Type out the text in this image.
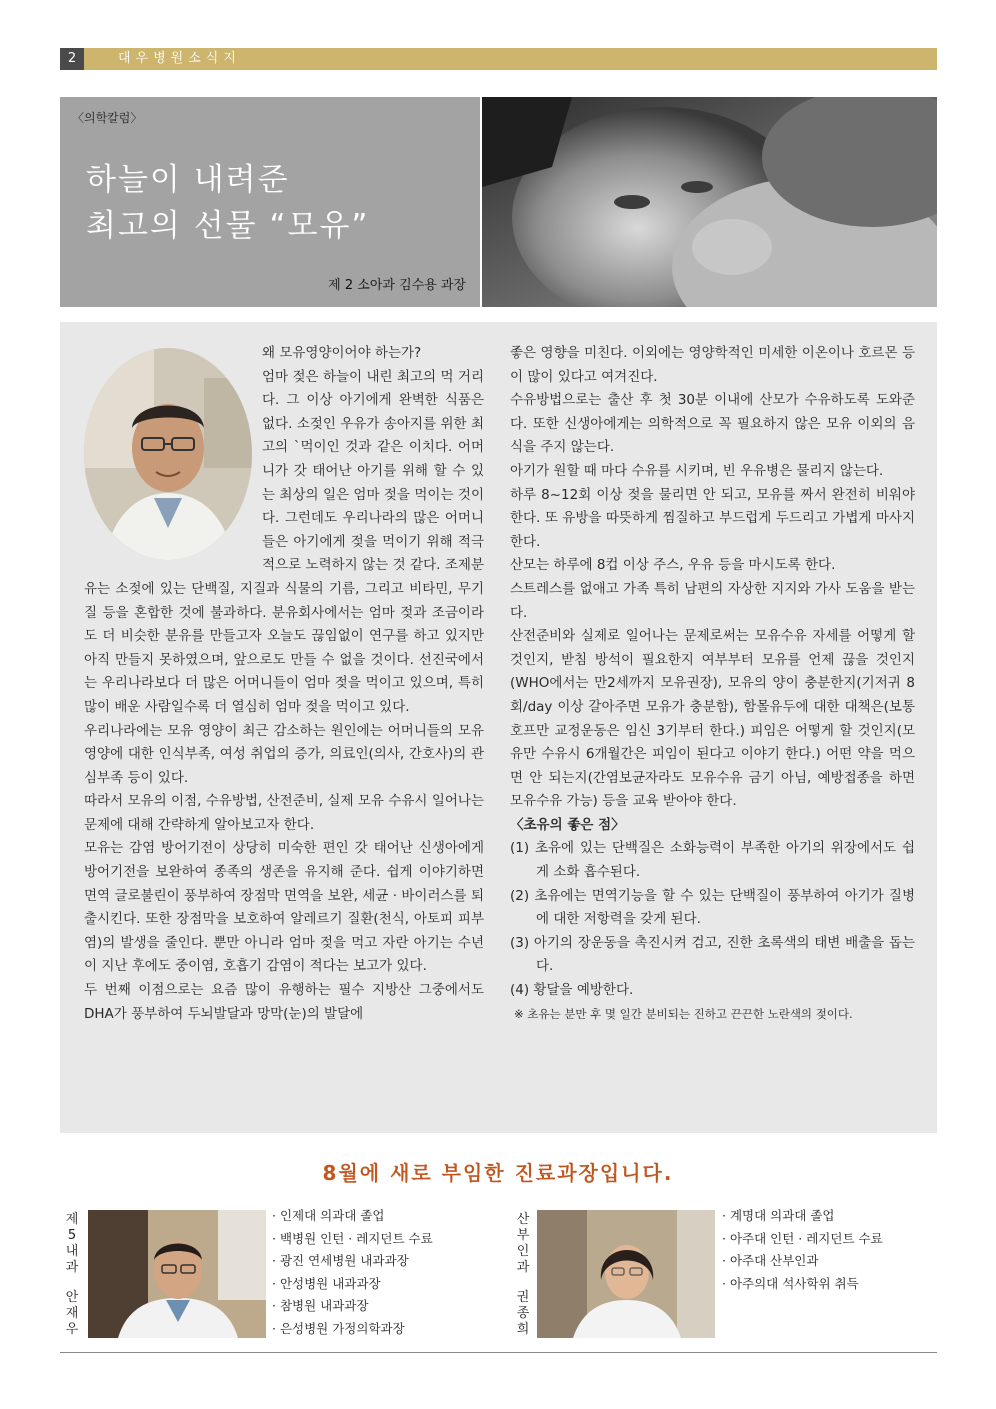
2	대우병원소식지
〈의학칼럼〉
하늘이 내려준
최고의 선물 “모유”
제 2 소아과 김수용 과장

왜 모유영양이어야 하는가?

엄마 젖은 하늘이 내린 최고의 먹 거리다. 그 이상 아기에게 완벽한 식품은 없다. 소젖인 우유가 송아지를 위한 최고의 `먹이인 것과 같은 이치다. 어머니가 갓 태어난 아기를 위해 할 수 있는 최상의 일은 엄마 젖을 먹이는 것이다. 그런데도 우리나라의 많은 어머니들은 아기에게 젖을 먹이기 위해 적극적으로 노력하지 않는 것 같다. 조제분유는 소젖에 있는 단백질, 지질과 식물의 기름, 그리고 비타민, 무기질 등을 혼합한 것에 불과하다. 분유회사에서는 엄마 젖과 조금이라도 더 비슷한 분유를 만들고자 오늘도 끊임없이 연구를 하고 있지만 아직 만들지 못하였으며, 앞으로도 만들 수 없을 것이다. 선진국에서는 우리나라보다 더 많은 어머니들이 엄마 젖을 먹이고 있으며, 특히 많이 배운 사람일수록 더 열심히 엄마 젖을 먹이고 있다.

우리나라에는 모유 영양이 최근 감소하는 원인에는 어머니들의 모유영양에 대한 인식부족, 여성 취업의 증가, 의료인(의사, 간호사)의 관심부족 등이 있다.

따라서 모유의 이점, 수유방법, 산전준비, 실제 모유 수유시 일어나는 문제에 대해 간략하게 알아보고자 한다.

모유는 감염 방어기전이 상당히 미숙한 편인 갓 태어난 신생아에게 방어기전을 보완하여 종족의 생존을 유지해 준다. 쉽게 이야기하면 면역 글로불린이 풍부하여 장점막 면역을 보완, 세균 · 바이러스를 퇴출시킨다. 또한 장점막을 보호하여 알레르기 질환(천식, 아토피 피부염)의 발생을 줄인다. 뿐만 아니라 엄마 젖을 먹고 자란 아기는 수년이 지난 후에도 중이염, 호흡기 감염이 적다는 보고가 있다.

두 번째 이점으로는 요즘 많이 유행하는 필수 지방산 그중에서도 DHA가 풍부하여 두뇌발달과 망막(눈)의 발달에

좋은 영향을 미친다. 이외에는 영양학적인 미세한 이온이나 호르몬 등이 많이 있다고 여겨진다.

수유방법으로는 출산 후 첫 30분 이내에 산모가 수유하도록 도와준다. 또한 신생아에게는 의학적으로 꼭 필요하지 않은 모유 이외의 음식을 주지 않는다.

아기가 원할 때 마다 수유를 시키며, 빈 우유병은 물리지 않는다.

하루 8~12회 이상 젖을 물리면 안 되고, 모유를 짜서 완전히 비워야 한다. 또 유방을 따뜻하게 찜질하고 부드럽게 두드리고 가볍게 마사지 한다.

산모는 하루에 8컵 이상 주스, 우유 등을 마시도록 한다.

스트레스를 없애고 가족 특히 남편의 자상한 지지와 가사 도움을 받는다.

산전준비와 실제로 일어나는 문제로써는 모유수유 자세를 어떻게 할 것인지, 받침 방석이 필요한지 여부부터 모유를 언제 끊을 것인지(WHO에서는 만2세까지 모유권장), 모유의 양이 충분한지(기저귀 8회/day 이상 갈아주면 모유가 충분함), 함몰유두에 대한 대책은(보통 호프만 교정운동은 임신 3기부터 한다.) 피임은 어떻게 할 것인지(모유만 수유시 6개월간은 피임이 된다고 이야기 한다.) 어떤 약을 먹으면 안 되는지(간염보균자라도 모유수유 금기 아님, 예방접종을 하면 모유수유 가능) 등을 교육 받아야 한다.

〈초유의 좋은 점〉

(1) 초유에 있는 단백질은 소화능력이 부족한 아기의 위장에서도 쉽게 소화 흡수된다.

(2) 초유에는 면역기능을 할 수 있는 단백질이 풍부하여 아기가 질병에 대한 저항력을 갖게 된다.

(3) 아기의 장운동을 촉진시켜 검고, 진한 초록색의 태변 배출을 돕는다.

(4) 황달을 예방한다.

※ 초유는 분만 후 몇 일간 분비되는 진하고 끈끈한 노란색의 젖이다.

8월에 새로 부임한 진료과장입니다.
제5내과
안재우
· 인제대 의과대 졸업
· 백병원 인턴 · 레지던트 수료
· 광진 연세병원 내과과장
· 안성병원 내과과장
· 참병원 내과과장
· 은성병원 가정의학과장
산부인과
권종희
· 계명대 의과대 졸업
· 아주대 인턴 · 레지던트 수료
· 아주대 산부인과
· 아주의대 석사학위 취득
